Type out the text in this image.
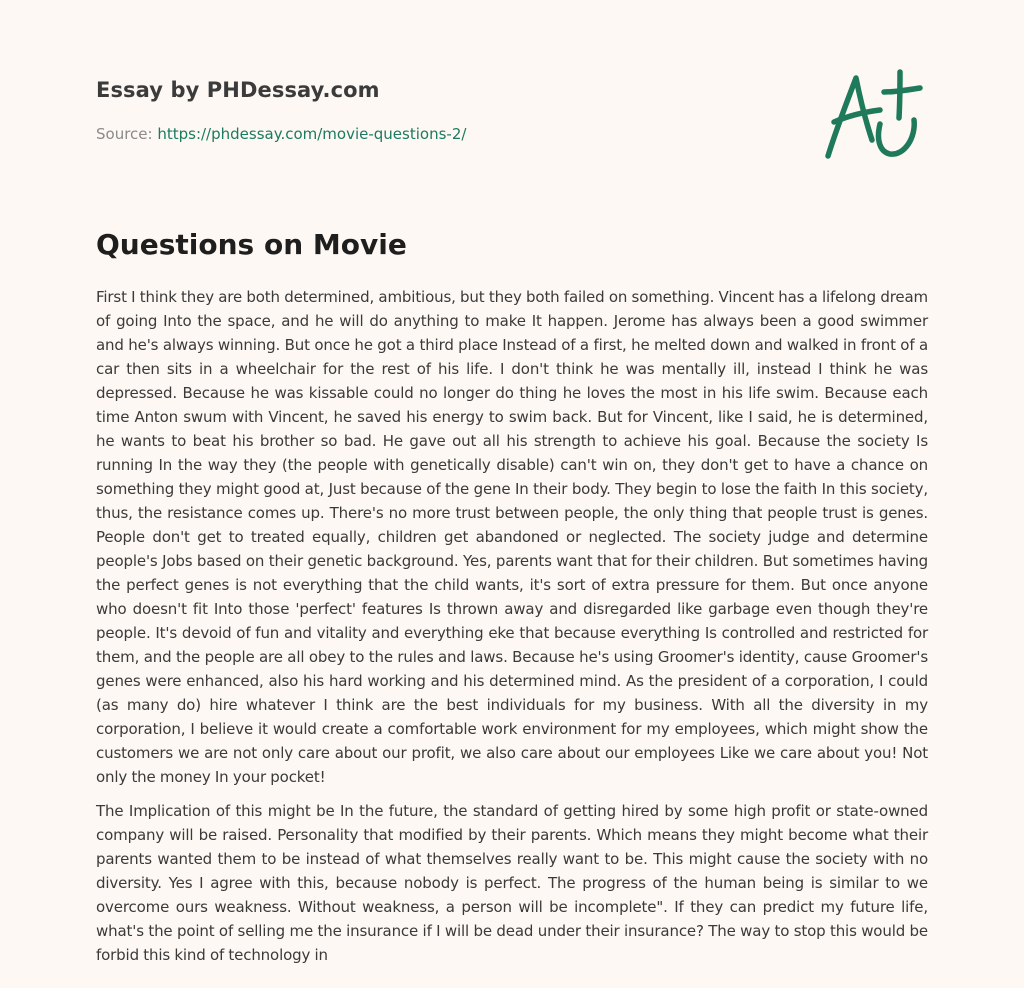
Essay by PHDessay.com
Source: https://phdessay.com/movie-questions-2/
Questions on Movie

First I think they are both determined, ambitious, but they both failed on something. Vincent has a lifelong dream of going Into the space, and he will do anything to make It happen. Jerome has always been a good swimmer and he's always winning. But once he got a third place Instead of a first, he melted down and walked in front of a car then sits in a wheelchair for the rest of his life. I don't think he was mentally ill, instead I think he was depressed. Because he was kissable could no longer do thing he loves the most in his life swim. Because each time Anton swum with Vincent, he saved his energy to swim back. But for Vincent, like I said, he is determined, he wants to beat his brother so bad. He gave out all his strength to achieve his goal. Because the society Is running In the way they (the people with genetically disable) can't win on, they don't get to have a chance on something they might good at, Just because of the gene In their body. They begin to lose the faith In this society, thus, the resistance comes up. There's no more trust between people, the only thing that people trust is genes. People don't get to treated equally, children get abandoned or neglected. The society judge and determine people's Jobs based on their genetic background. Yes, parents want that for their children. But sometimes having the perfect genes is not everything that the child wants, it's sort of extra pressure for them. But once anyone who doesn't fit Into those 'perfect' features Is thrown away and disregarded like garbage even though they're people. It's devoid of fun and vitality and everything eke that because everything Is controlled and restricted for them, and the people are all obey to the rules and laws. Because he's using Groomer's identity, cause Groomer's genes were enhanced, also his hard working and his determined mind. As the president of a corporation, I could (as many do) hire whatever I think are the best individuals for my business. With all the diversity in my corporation, I believe it would create a comfortable work environment for my employees, which might show the customers we are not only care about our profit, we also care about our employees Like we care about you! Not only the money In your pocket!

The Implication of this might be In the future, the standard of getting hired by some high profit or state-owned company will be raised. Personality that modified by their parents. Which means they might become what their parents wanted them to be instead of what themselves really want to be. This might cause the society with no diversity. Yes I agree with this, because nobody is perfect. The progress of the human being is similar to we overcome ours weakness. Without weakness, a person will be incomplete". If they can predict my future life, what's the point of selling me the insurance if I will be dead under their insurance? The way to stop this would be forbid this kind of technology in
